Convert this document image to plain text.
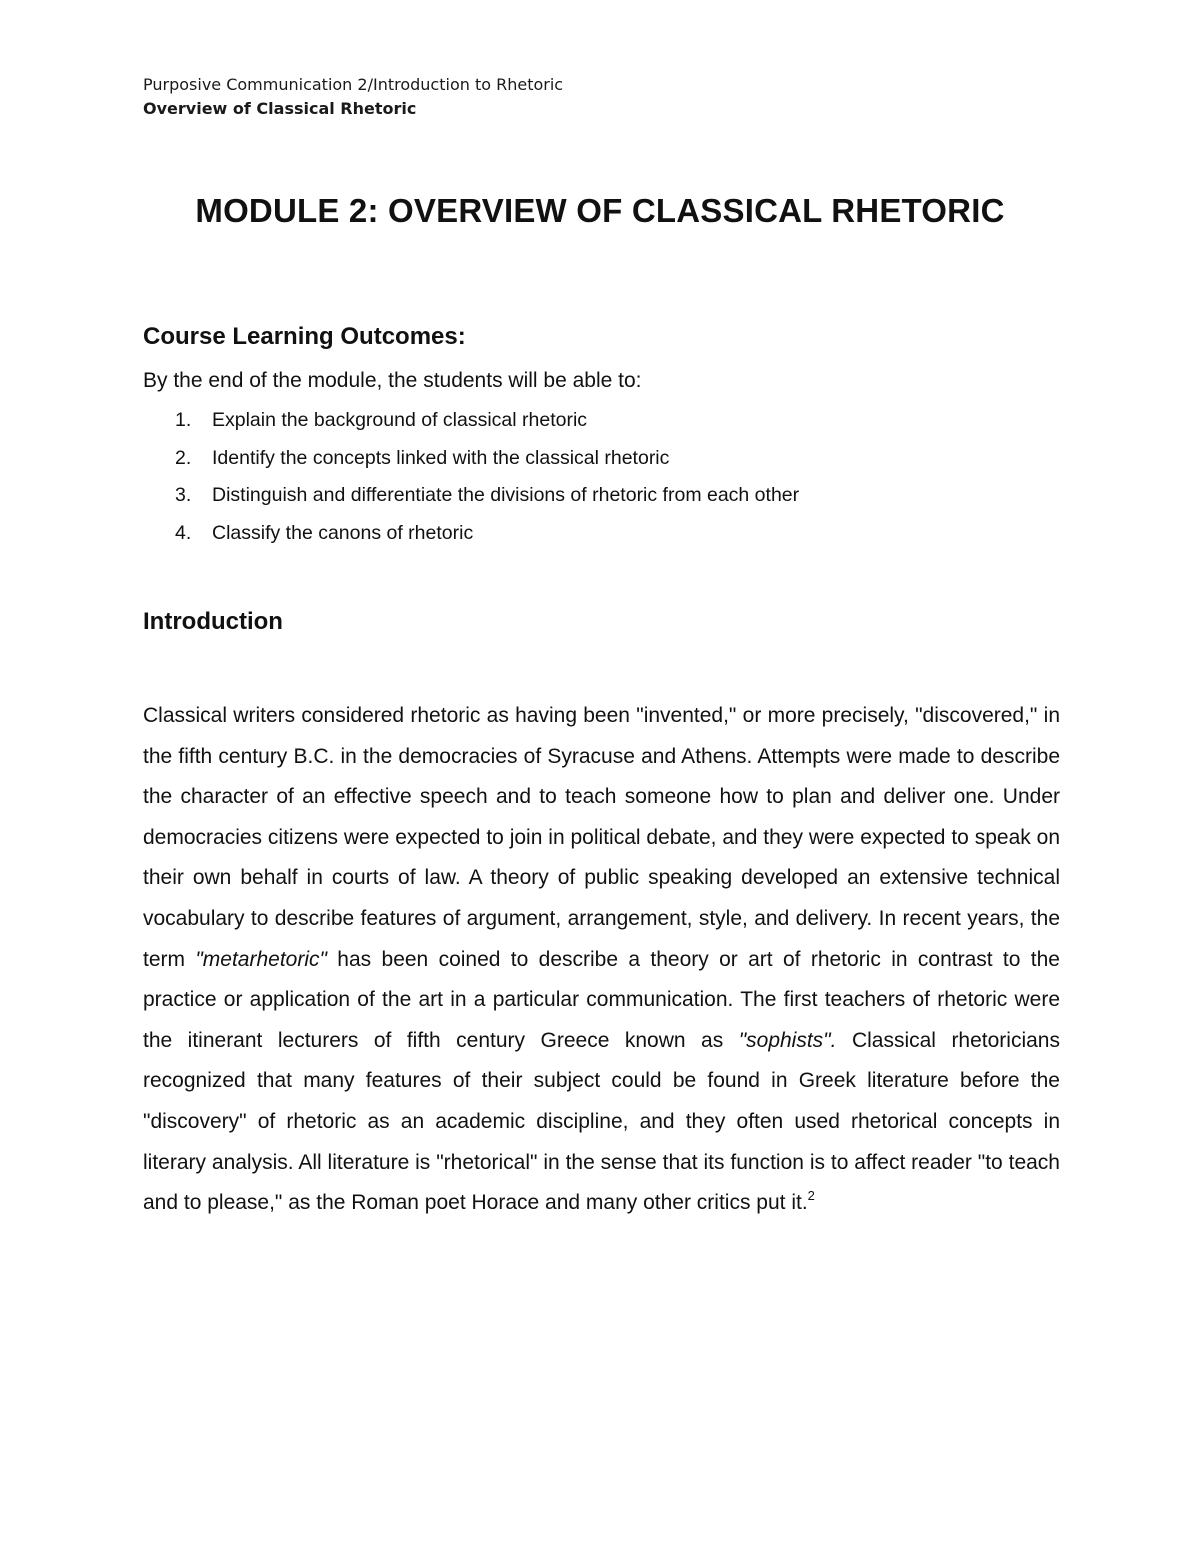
Purposive Communication 2/Introduction to Rhetoric
Overview of Classical Rhetoric
MODULE 2: OVERVIEW OF CLASSICAL RHETORIC
Course Learning Outcomes:
By the end of the module, the students will be able to:
1. Explain the background of classical rhetoric
2. Identify the concepts linked with the classical rhetoric
3. Distinguish and differentiate the divisions of rhetoric from each other
4. Classify the canons of rhetoric
Introduction

Classical writers considered rhetoric as having been "invented," or more precisely, "discovered," in the fifth century B.C. in the democracies of Syracuse and Athens. Attempts were made to describe the character of an effective speech and to teach someone how to plan and deliver one. Under democracies citizens were expected to join in political debate, and they were expected to speak on their own behalf in courts of law. A theory of public speaking developed an extensive technical vocabulary to describe features of argument, arrangement, style, and delivery. In recent years, the term "metarhetoric" has been coined to describe a theory or art of rhetoric in contrast to the practice or application of the art in a particular communication. The first teachers of rhetoric were the itinerant lecturers of fifth century Greece known as "sophists". Classical rhetoricians recognized that many features of their subject could be found in Greek literature before the "discovery" of rhetoric as an academic discipline, and they often used rhetorical concepts in literary analysis. All literature is "rhetorical" in the sense that its function is to affect reader "to teach and to please," as the Roman poet Horace and many other critics put it.$^2$
